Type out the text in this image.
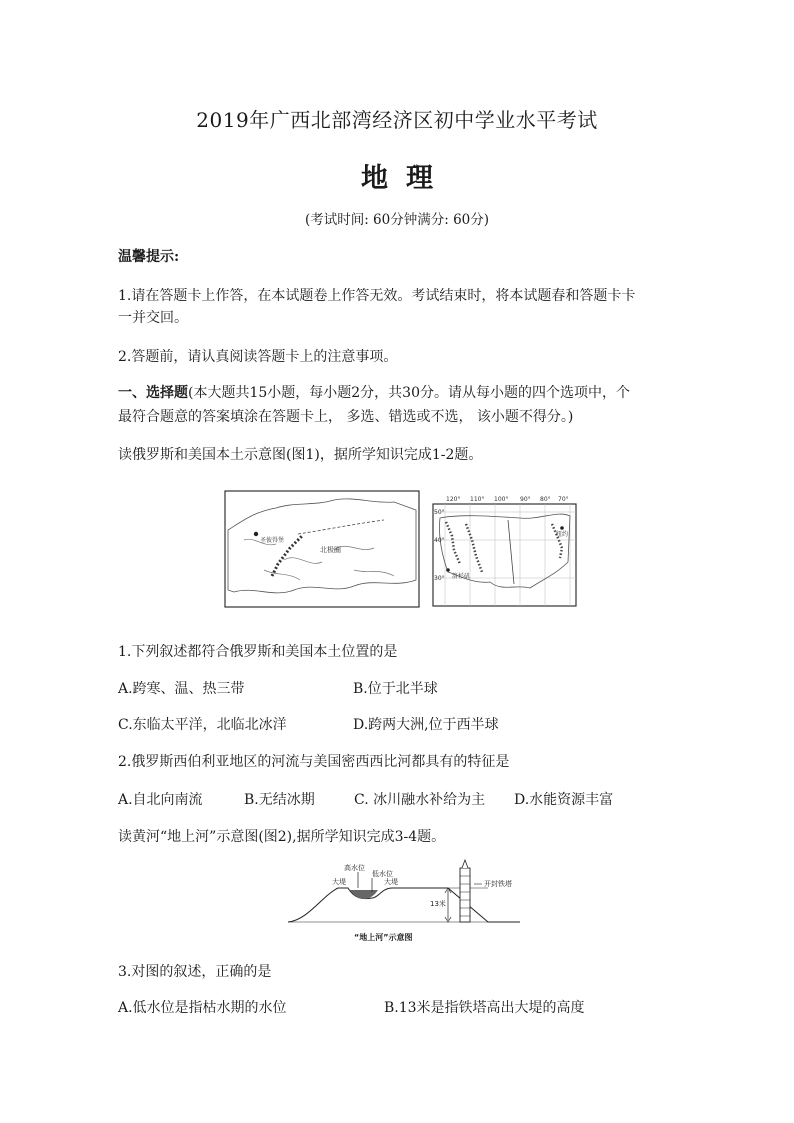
2019年广西北部湾经济区初中学业水平考试
地理
(考试时间: 60分钟满分: 60分)
温馨提示:
1.请在答题卡上作答，在本试题卷上作答无效。考试结束时，将本试题春和答题卡卡
一并交回。
2.答题前，请认真阅读答题卡上的注意事项。
一、选择题(本大题共15小题，每小题2分，共30分。请从每小题的四个选项中，个
最符合题意的答案填涂在答题卡上， 多选、错选或不选， 该小题不得分。)
读俄罗斯和美国本土示意图(图1)，据所学知识完成1-2题。
圣彼得堡
北极圈
120° 110° 100° 90° 80° 70°
50°
40°
30° 洛杉矶
纽约
1.下列叙述都符合俄罗斯和美国本土位置的是
A.跨寒、温、热三带	B.位于北半球
C.东临太平洋，北临北冰洋	D.跨两大洲,位于西半球
2.俄罗斯西伯利亚地区的河流与美国密西西比河都具有的特征是
A.自北向南流	B.无结冰期	C. 冰川融水补给为主 D.水能资源丰富
读黄河“地上河”示意图(图2),据所学知识完成3-4题。
高水位
低水位
大堤	大堤	开封铁塔
13米
“地上河”示意图
3.对图的叙述，正确的是
A.低水位是指枯水期的水位	B.13米是指铁塔高出大堤的高度
